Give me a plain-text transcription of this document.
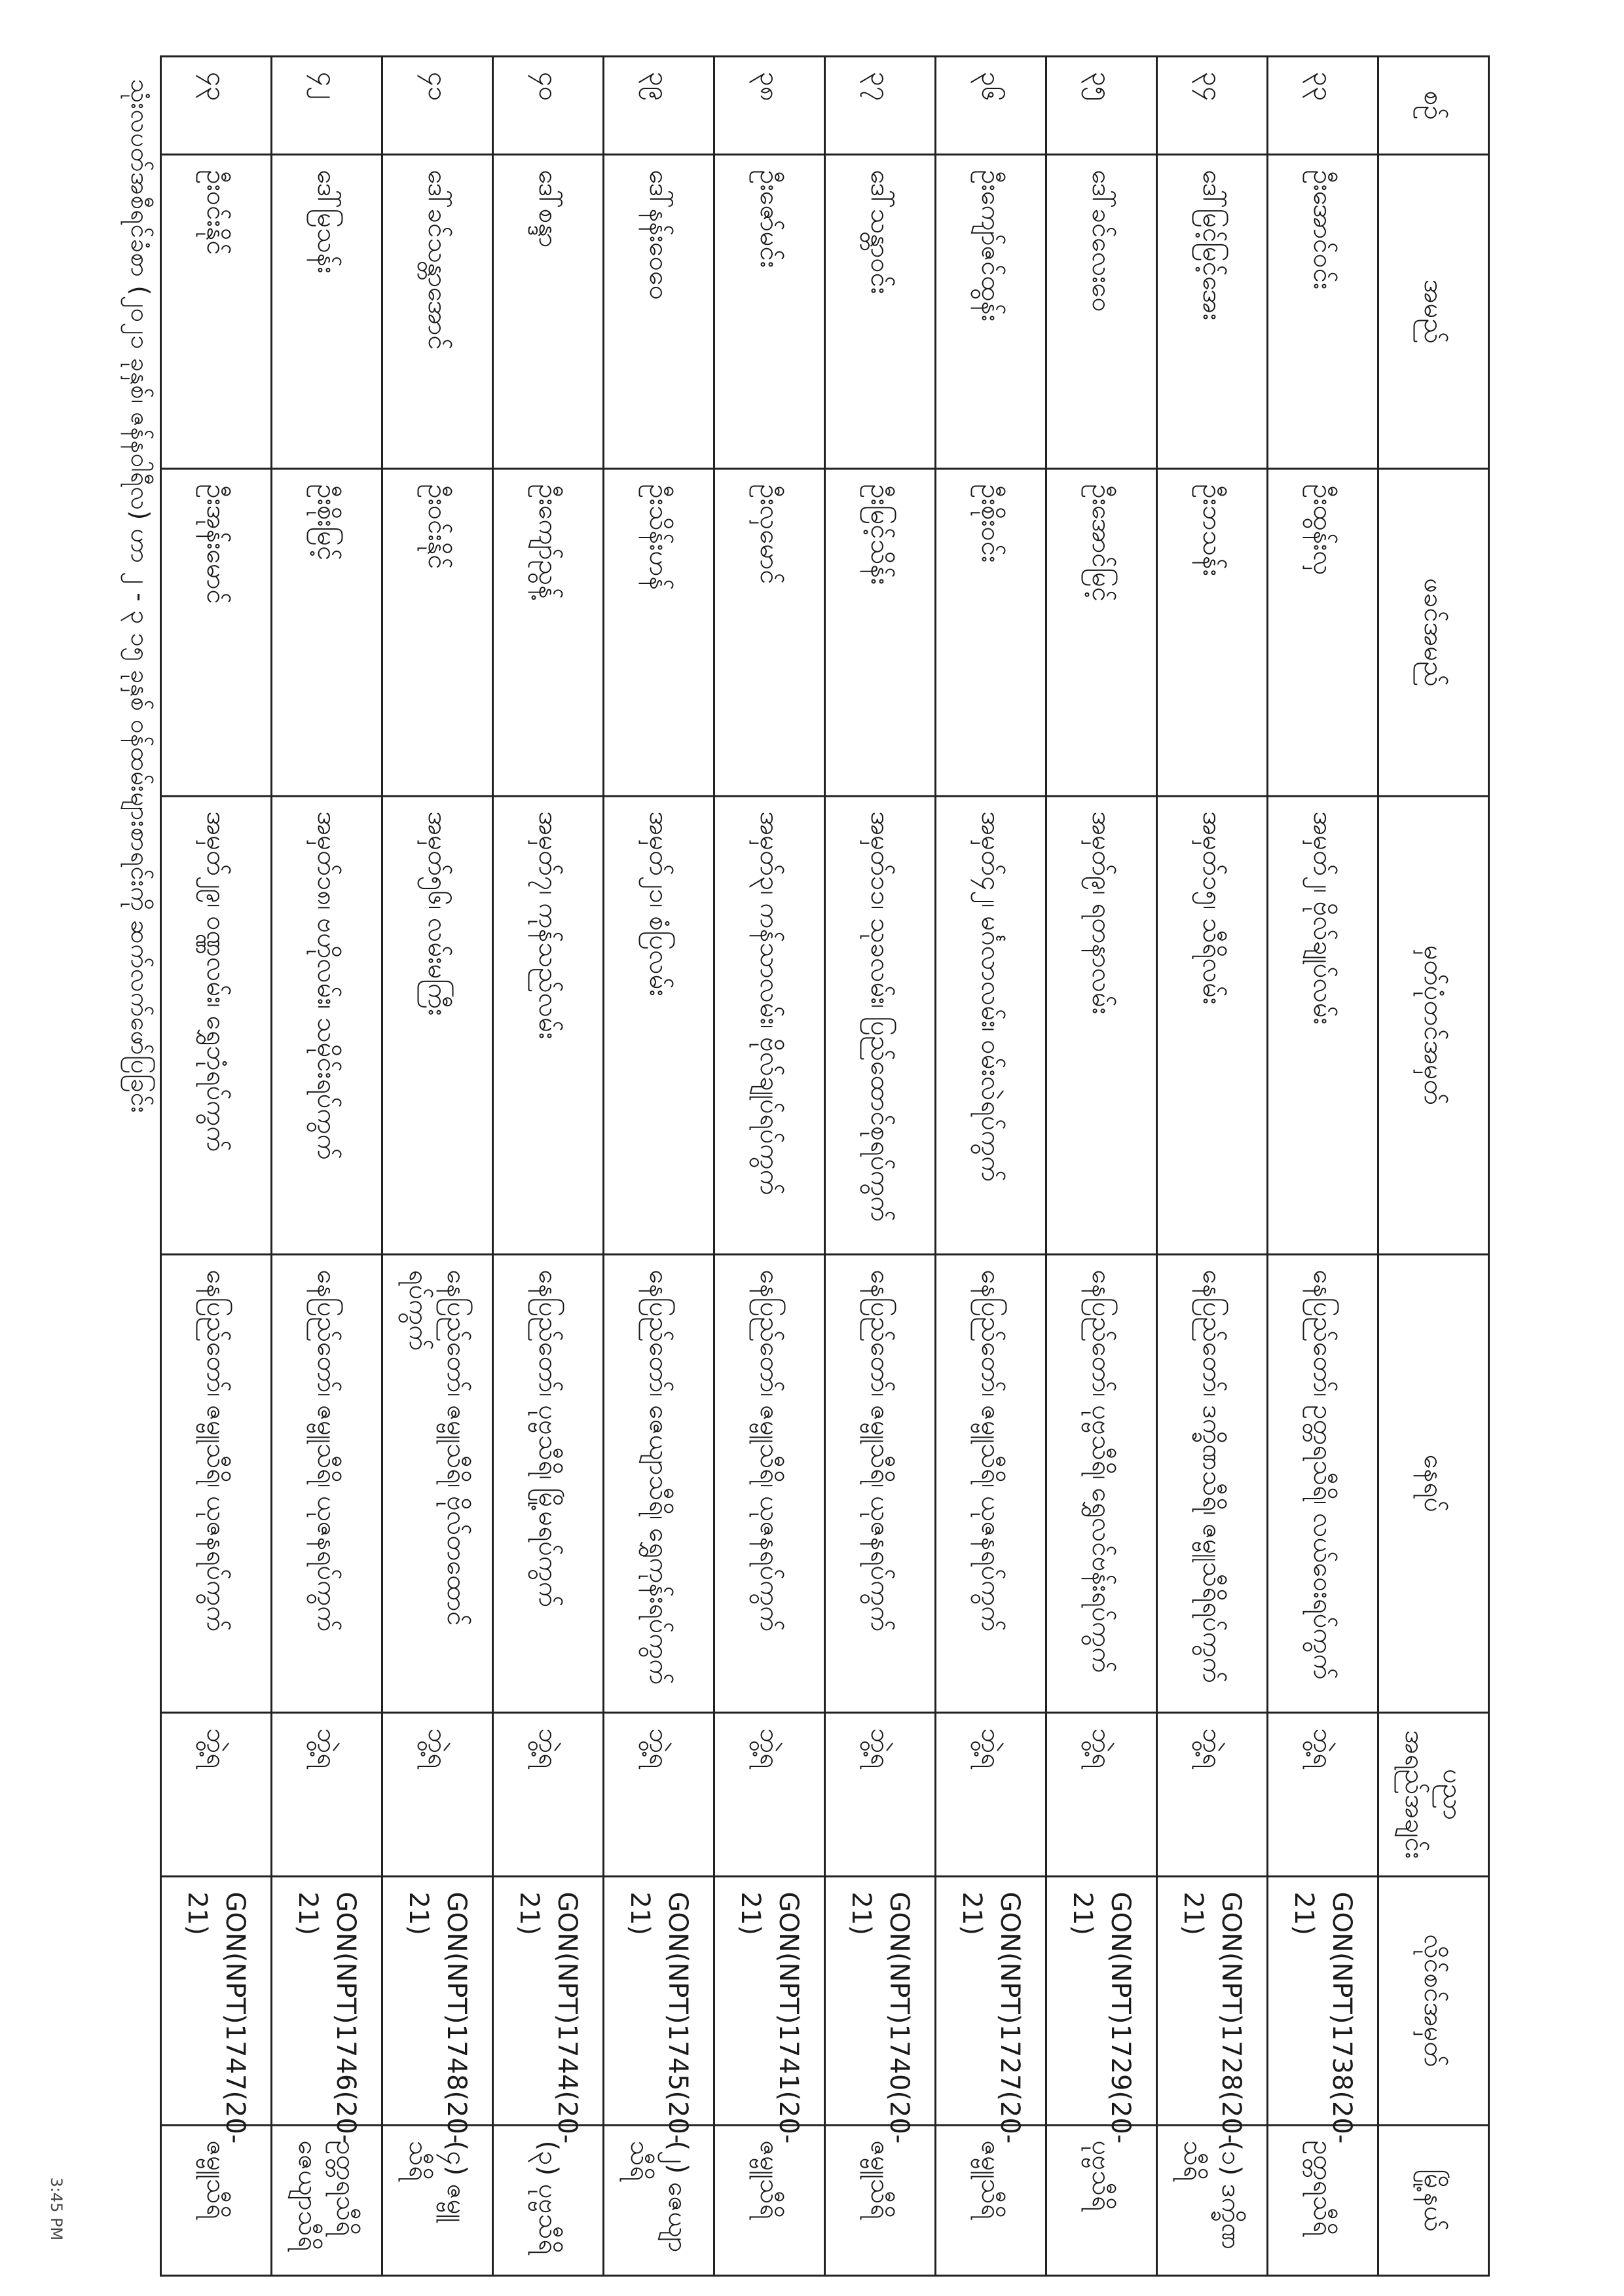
သုံးလပတ်အစီရင်ခံစာ (၂၀၂၁ ခုနှစ်၊ ဇန်နဝါရီလ) ဟာ ၂ - ၃ ၁၅ ခုနှစ် ဝန်ထမ်းများစာရင်းကို ဆက်လက်ဖော်ပြခြင်း	စဉ်	အမည်	ဖခင်အမည်	မှတ်ပုံတင်အမှတ်	နေရပ်	ပညာအရည်အချင်း	လိုင်စင်အမှတ်	မြို့နယ်
၃၃	ဦးအောင်ဝင်း	ဦးထွန်းလှ	အမှတ်၂၊ ဗိုလ်ချုပ်လမ်း	နေပြည်တော်၊ ဥတ္တရသီရိ၊ လယ်ဝေးရပ်ကွက်	ဘွဲ့ရ	GON(NPT)1738(20-21)	ဥတ္တရသီရိ
၃၄	ဒေါ်မြင့်မြင့်အေး	ဦးဘသန်း	အမှတ်၁၅၊ သီရိလမ်း	နေပြည်တော်၊ ဒက္ခိဏသီရိ၊ ဇမ္ဗူသီရိရပ်ကွက်	ဘွဲ့ရ	GON(NPT)1728(20-21)	(၁) ဒက္ခိဏသီရိ
၃၅	ဒေါ်ခင်လေးဝေ	ဦးအောင်မြင့်	အမှတ်၉၊ ရတနာလမ်း	နေပြည်တော်၊ ပုဗ္ဗသီရိ၊ ရွှေလင်ဗန်းရပ်ကွက်	ဘွဲ့ရ	GON(NPT)1729(20-21)	ပုဗ္ဗသီရိ
၃၆	ဦးကျော်ဇင်ထွန်း	ဦးစိုးဝင်း	အမှတ်၄၂၊ မင်္ဂလာလမ်း၊ ဝမ်းလဲရပ်ကွက်	နေပြည်တော်၊ ဇမ္ဗူသီရိ၊ ယုဇနရပ်ကွက်	ဘွဲ့ရ	GON(NPT)1727(20-21)	ဇမ္ဗူသီရိ
၃၇	ဒေါ်သန္တာဝင်း	ဦးမြင့်သိန်း	အမှတ်၁၁၊ သုခလမ်း၊ ပြည်ထောင်စုရပ်ကွက်	နေပြည်တော်၊ ဇမ္ဗူသီရိ၊ ယုဇနရပ်ကွက်	ဘွဲ့ရ	GON(NPT)1740(20-21)	ဇမ္ဗူသီရိ
၃၈	ဦးဇော်မင်း	ဦးလှမောင်	အမှတ်၃၊ ကန်သာလမ်း၊ ဗိုလ်ချုပ်ရပ်ကွက်	နေပြည်တော်၊ ဇမ္ဗူသီရိ၊ ယုဇနရပ်ကွက်	ဘွဲ့ရ	GON(NPT)1741(20-21)	ဇမ္ဗူသီရိ
၃၉	ဒေါ်နန်းဝေဝေ	ဦးသိန်းဟန်	အမှတ်၂၁၊ စံပြလမ်း	နေပြည်တော်၊ ဇေယျာသီရိ၊ ရွှေကုန်းရပ်ကွက်	ဘွဲ့ရ	GON(NPT)1745(20-21)	(၂) ဇေယျာသီရိ
၄၀	ဒေါ်စန္ဒာ	ဦးကျော်ညွန့်	အမှတ်၇၊ ကုန်သည်လမ်း	နေပြည်တော်၊ ပုဗ္ဗသီရိ၊ မြို့မရပ်ကွက်	ဘွဲ့ရ	GON(NPT)1744(20-21)	(၃) ပုဗ္ဗသီရိ
၄၁	ဒေါ်ခင်သန္တာအောင်	ဦးဝင်းနိုင်	အမှတ်၅၆၊ လမ်းမကြီး	နေပြည်တော်၊ ဇမ္ဗူသီရိ၊ ဗိုလ်တထောင်ရပ်ကွက်	ဘွဲ့ရ	GON(NPT)1748(20-21)	(၄) ဇမ္ဗူသီရိ
၄၂	ဒေါ်မြသန်း	ဦးစိုးမြင့်	အမှတ်၁၈၊ ဗဟိုလမ်း၊ သမိုင်းရပ်ကွက်	နေပြည်တော်၊ ဇမ္ဗူသီရိ၊ ယုဇနရပ်ကွက်	ဘွဲ့ရ	GON(NPT)1746(20-21)	ဥတ္တရသီရိ ဇေယျာသီရိ
၄၃	ဦးဝင်းနိုင်	ဦးအုန်းမောင်	အမှတ်၂၉၊ ဝဏ္ဏလမ်း၊ ရွှေဘုံရပ်ကွက်	နေပြည်တော်၊ ဇမ္ဗူသီရိ၊ ယုဇနရပ်ကွက်	ဘွဲ့ရ	GON(NPT)1747(20-21)	ဇမ္ဗူသီရိ
3:45 PM
